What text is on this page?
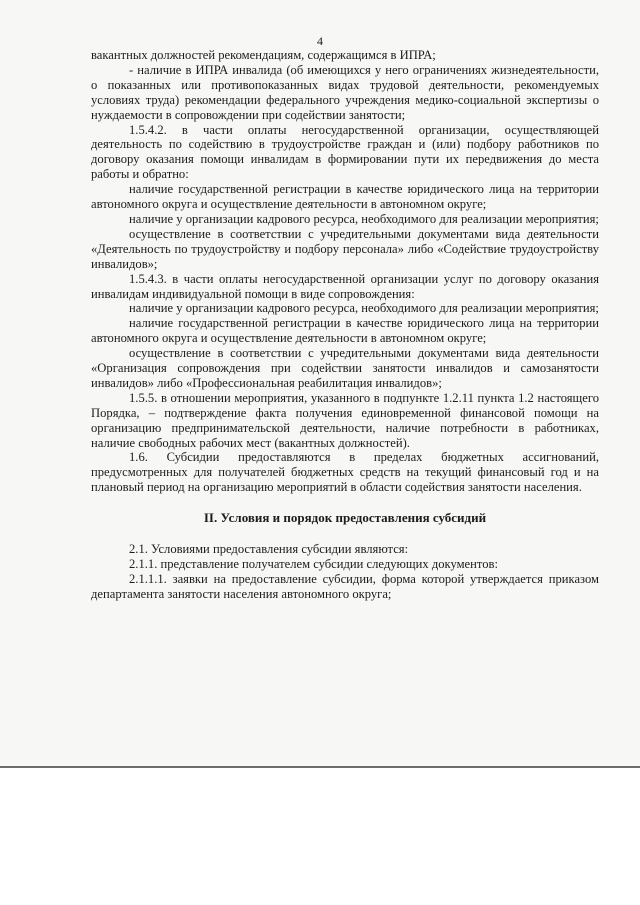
4

вакантных должностей рекомендациям, содержащимся в ИПРА;

- наличие в ИПРА инвалида (об имеющихся у него ограничениях жизнедеятельности, о показанных или противопоказанных видах трудовой деятельности, рекомендуемых условиях труда) рекомендации федерального учреждения медико-социальной экспертизы о нуждаемости в сопровождении при содействии занятости;

1.5.4.2. в части оплаты негосударственной организации, осуществляющей деятельность по содействию в трудоустройстве граждан и (или) подбору работников по договору оказания помощи инвалидам в формировании пути их передвижения до места работы и обратно:

наличие государственной регистрации в качестве юридического лица на территории автономного округа и осуществление деятельности в автономном округе;

наличие у организации кадрового ресурса, необходимого для реализации мероприятия;

осуществление в соответствии с учредительными документами вида деятельности «Деятельность по трудоустройству и подбору персонала» либо «Содействие трудоустройству инвалидов»;

1.5.4.3. в части оплаты негосударственной организации услуг по договору оказания инвалидам индивидуальной помощи в виде сопровождения:

наличие у организации кадрового ресурса, необходимого для реализации мероприятия;

наличие государственной регистрации в качестве юридического лица на территории автономного округа и осуществление деятельности в автономном округе;

осуществление в соответствии с учредительными документами вида деятельности «Организация сопровождения при содействии занятости инвалидов и самозанятости инвалидов» либо «Профессиональная реабилитация инвалидов»;

1.5.5. в отношении мероприятия, указанного в подпункте 1.2.11 пункта 1.2 настоящего Порядка, – подтверждение факта получения единовременной финансовой помощи на организацию предпринимательской деятельности, наличие потребности в работниках, наличие свободных рабочих мест (вакантных должностей).

1.6. Субсидии предоставляются в пределах бюджетных ассигнований, предусмотренных для получателей бюджетных средств на текущий финансовый год и на плановый период на организацию мероприятий в области содействия занятости населения.

II. Условия и порядок предоставления субсидий

2.1. Условиями предоставления субсидии являются:

2.1.1. представление получателем субсидии следующих документов:

2.1.1.1. заявки на предоставление субсидии, форма которой утверждается приказом департамента занятости населения автономного округа;
